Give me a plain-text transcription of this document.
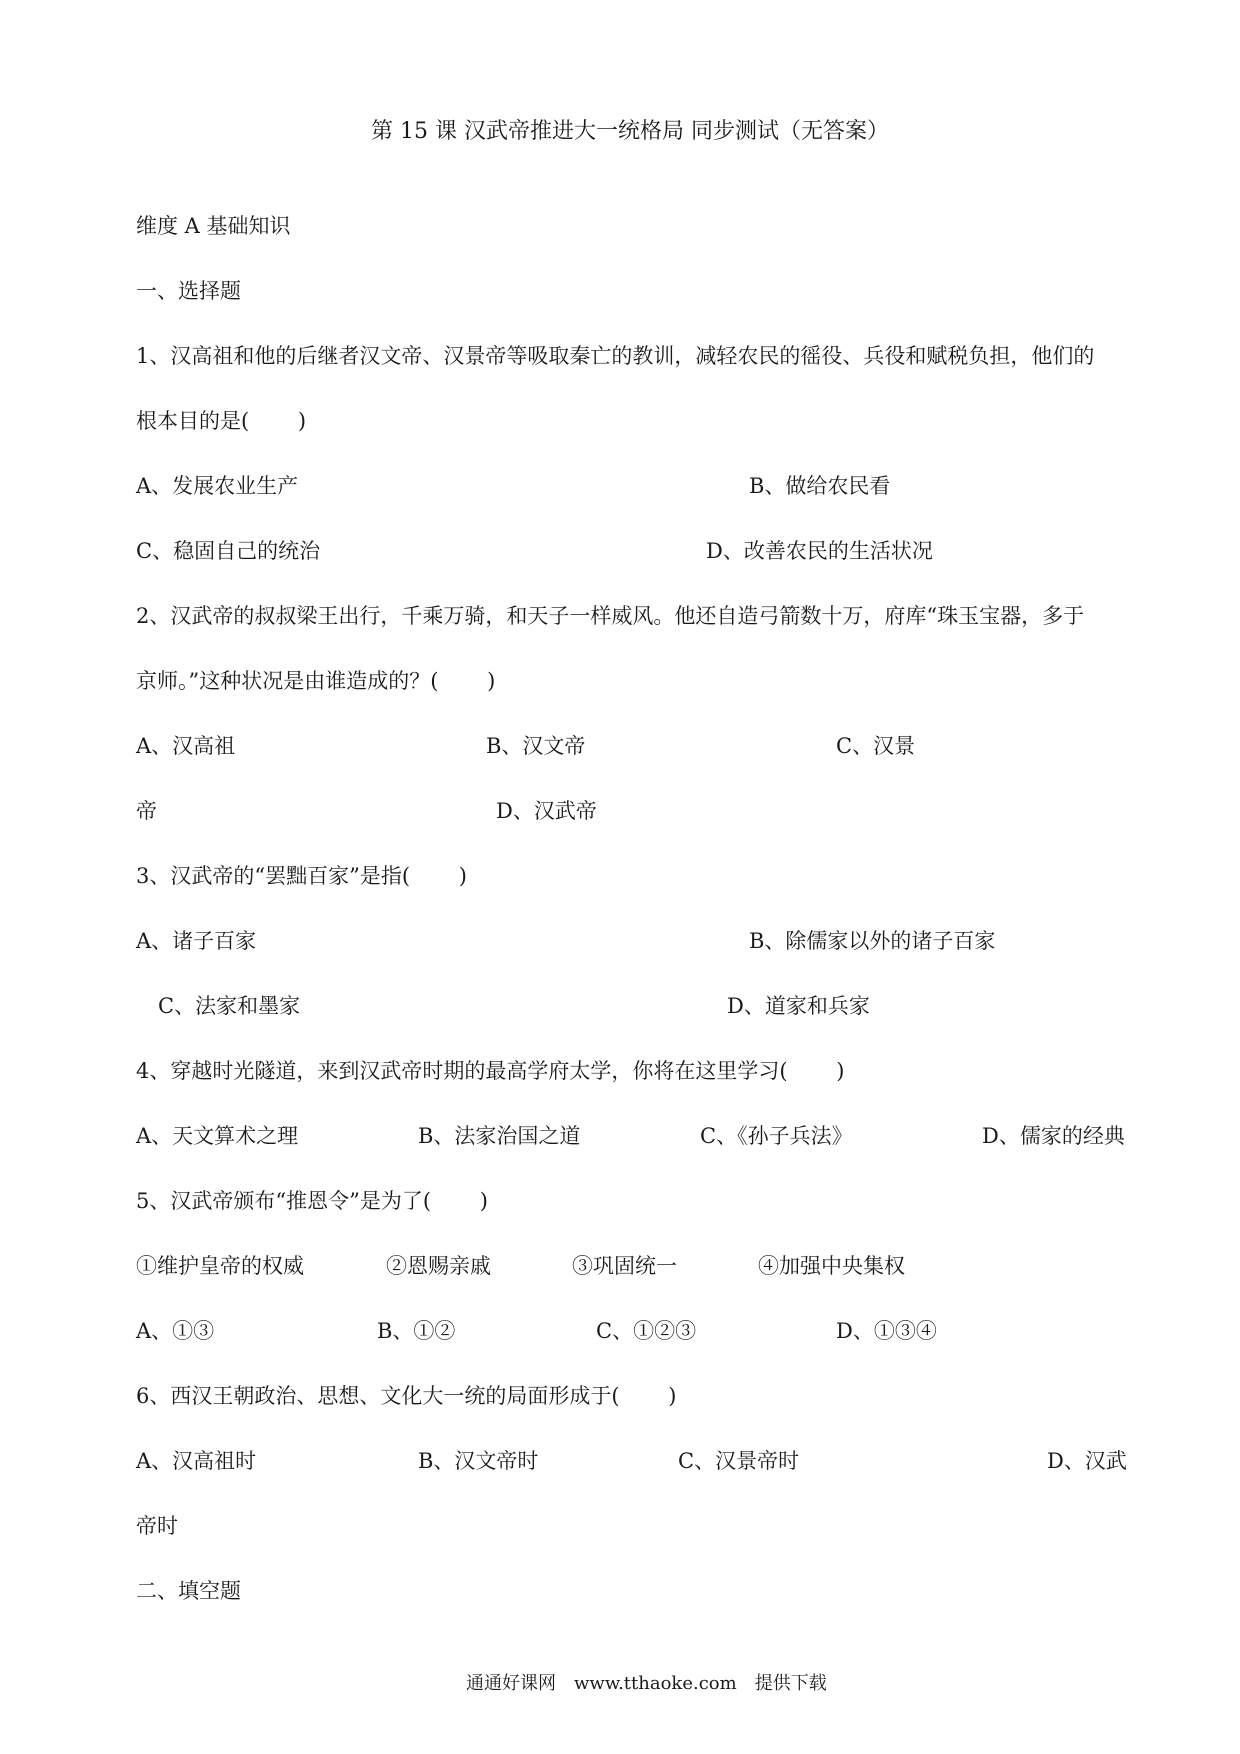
第 15 课 汉武帝推进大一统格局 同步测试（无答案）
维度 A 基础知识
一、选择题
1、汉高祖和他的后继者汉文帝、汉景帝等吸取秦亡的教训，减轻农民的徭役、兵役和赋税负担，他们的
根本目的是(　　 )
A、发展农业生产	B、做给农民看
C、稳固自己的统治	D、改善农民的生活状况
2、汉武帝的叔叔梁王出行，千乘万骑，和天子一样威风。他还自造弓箭数十万，府库“珠玉宝器，多于
京师。”这种状况是由谁造成的？(　　 )
A、汉高祖	B、汉文帝	C、汉景
帝	D、汉武帝
3、汉武帝的“罢黜百家”是指(　　 )
A、诸子百家	B、除儒家以外的诸子百家
C、法家和墨家	D、道家和兵家
4、穿越时光隧道，来到汉武帝时期的最高学府太学，你将在这里学习(　　 )
A、天文算术之理	B、法家治国之道	C、《孙子兵法》	D、儒家的经典
5、汉武帝颁布“推恩令”是为了(　　 )
①维护皇帝的权威	②恩赐亲戚	③巩固统一	④加强中央集权
A、①③	B、①②	C、①②③	D、①③④
6、西汉王朝政治、思想、文化大一统的局面形成于(　　 )
A、汉高祖时	B、汉文帝时	C、汉景帝时	D、汉武
帝时
二、填空题
通通好课网　www.tthaoke.com　提供下载
